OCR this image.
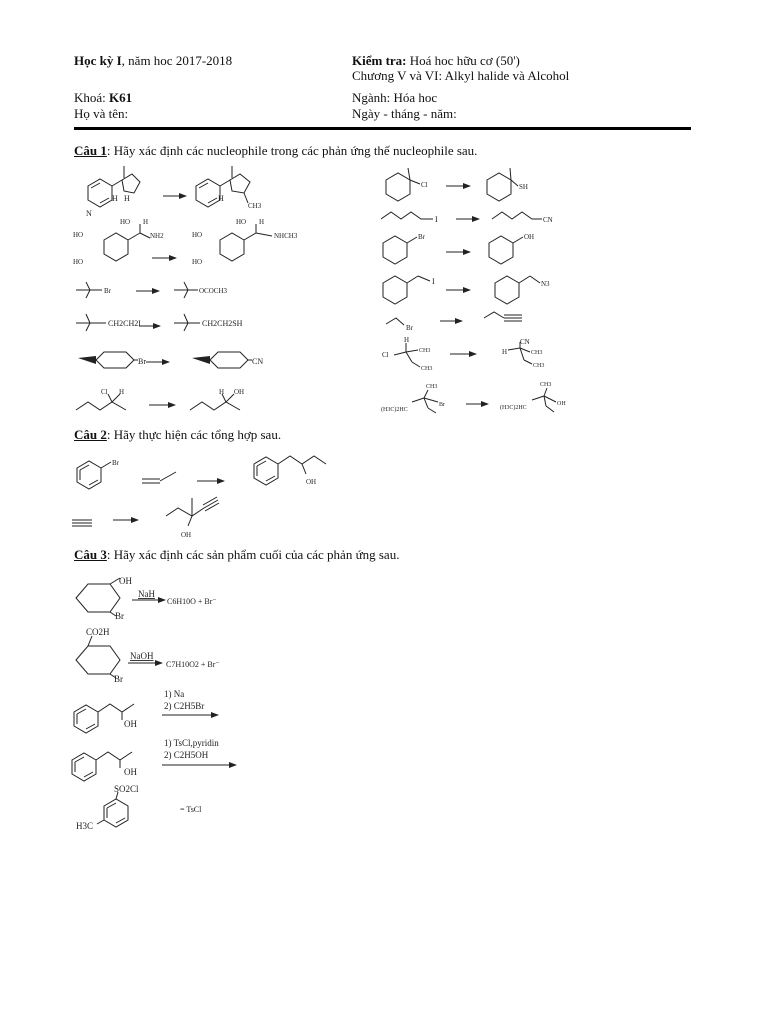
Học kỳ I, năm hoc 2017-2018	Kiểm tra: Hoá hoc hữu cơ (50')
Chương V và VI: Alkyl halide và Alcohol
Khoá: K61	Ngành: Hóa hoc
Họ và tên:	Ngày - tháng - năm:
Câu 1: Hãy xác định các nucleophile trong các phản ứng thế nucleophile sau.
Câu 2: Hãy thực hiện các tổng hợp sau.
Câu 3: Hãy xác định các sản phẩm cuối của các phản ứng sau.
N
H H	H
CH3
HO
HO
HO H
NH2	HO
HO
HO H
NHCH3
Br	OCOCH3
CH2CH2I	CH2CH2SH
Br	CN
Cl H	H OH
Cl	SH
I	CN
Br	OH
I	N3
Br
H
Cl	CH3
CH3
CN
H	CH3
CH3
CH3
(H3C)2HC
Br
CH3
(H3C)2HC
OH
Br
OH
OH
OH
Br
NaH
C6H10O + Br⁻
CO2H
Br
NaOH
C7H10O2 + Br⁻
OH
1) Na
2) C2H5Br
OH
1) TsCl,pyridin
2) C2H5OH
SO2Cl
H3C
= TsCl
